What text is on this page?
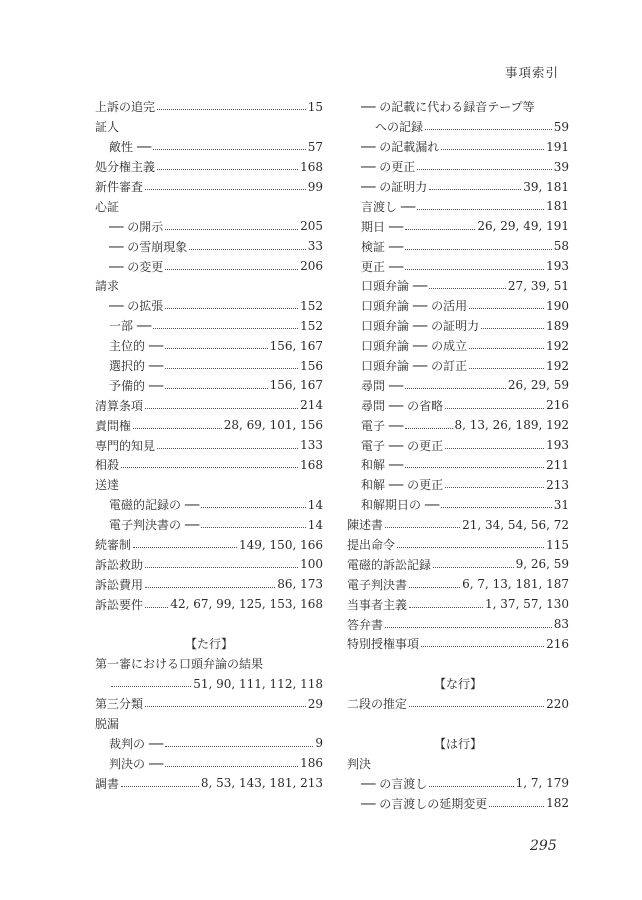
事項索引
上訴の追完	15
証人
敵性 ──	57
処分権主義	168
新件審査	99
心証
── の開示	205
── の雪崩現象	33
── の変更	206
請求
── の拡張	152
一部 ──	152
主位的 ──	156, 167
選択的 ──	156
予備的 ──	156, 167
清算条項	214
責問権	28, 69, 101, 156
専門的知見	133
相殺	168
送達
電磁的記録の ──	14
電子判決書の ──	14
続審制	149, 150, 166
訴訟救助	100
訴訟費用	86, 173
訴訟要件 42, 67, 99, 125, 153, 168
【た行】
第一審における口頭弁論の結果
51, 90, 111, 112, 118
第三分類	29
脱漏
裁判の ──	9
判決の ──	186
調書	8, 53, 143, 181, 213
── の記載に代わる録音テープ等
への記録	59
── の記載漏れ	191
── の更正	39
── の証明力	39, 181
言渡し ──	181
期日 ──	26, 29, 49, 191
検証 ──	58
更正 ──	193
口頭弁論 ──	27, 39, 51
口頭弁論 ── の活用	190
口頭弁論 ── の証明力	189
口頭弁論 ── の成立	192
口頭弁論 ── の訂正	192
尋問 ──	26, 29, 59
尋問 ── の省略	216
電子 ──	8, 13, 26, 189, 192
電子 ── の更正	193
和解 ──	211
和解 ── の更正	213
和解期日の ──	31
陳述書	21, 34, 54, 56, 72
提出命令	115
電磁的訴訟記録	9, 26, 59
電子判決書	6, 7, 13, 181, 187
当事者主義	1, 37, 57, 130
答弁書	83
特別授権事項	216
【な行】
二段の推定	220
【は行】
判決
── の言渡し	1, 7, 179
── の言渡しの延期変更	182
295
